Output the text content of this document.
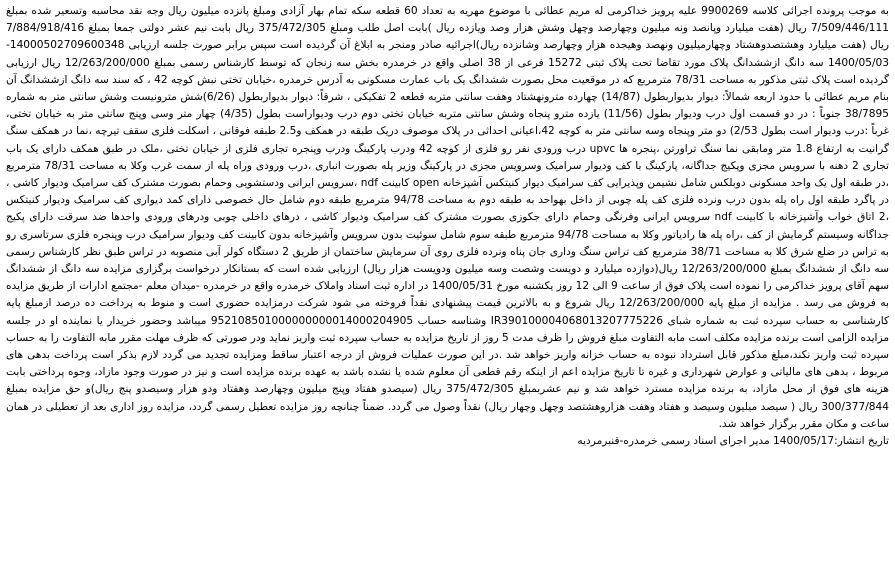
به موجب پرونده اجرائی کلاسه 9900269 علیه پرویز خداکرمی له مریم عطائی با موضوع مهریه به تعداد 60 قطعه سکه تمام بهار آزادی ومبلغ پانزده میلیون ریال وجه نقد محاسبه وتسعیر شده بمبلغ 7/509/446/111 ریال (هفت میلیارد وپانصد ونه میلیون وچهارصد وچهل وشش هزار وصد ویازده ریال )بابت اصل طلب ومبلغ 375/472/305 ریال بابت نیم عشر دولتی جمعا بمبلغ 7/884/918/416 ریال (هفت میلیارد وهشتصدوهشتاد وچهارمیلیون ونهصد وهیجده هزار وچهارصد وشانزده ریال)اجرائیه صادر ومنجر به ابلاغ آن گردیده است سپس برابر صورت جلسه ارزیابی 14000502709600348-1400/05/03 سه دانگ ازششدانگ پلاک مورد تقاضا تحت پلاک ثبتی 15272 فرعی از 38 اصلی واقع در خرمدره بخش سه زنجان که توسط کارشناس رسمی بمبلغ 12/263/200/000 ریال ارزیابی گردیده است پلاک ثبتی مذکور به مساحت 78/31 مترمربع که در موقعیت محل بصورت ششدانگ یک باب عمارت مسکونی به آدرس خرمدره ،خیابان تختی نبش کوچه 42 ، که سند سه دانگ ازششدانگ آن بنام مریم عطائی با حدود اربعه شمالاً: دیوار بدیواربطول (14/87) چهارده مترونهشتاد وهفت سانتی متربه قطعه 2 تفکیکی ، شرقاً: دیوار بدیواربطول (6/26)شش مترونیست وشش سانتی متر به شماره 38/7895 جنوباً : در دو قسمت اول درب ودیوار بطول (11/56) یازده مترو پنجاه وشش سانتی متربه خیابان تختی دوم درب ودیواراست بطول (4/35) چهار متر وسی وپنج سانتی متر به خیابان تختی، غرباً :درب ودیوار است بطول 2/53) دو متر وپنجاه وسه سانتی متر به کوچه 42،اعیانی احداثی در پلاک موصوف دریک طبقه در همکف و2.5 طبقه فوقانی ، اسکلت فلزی سقف تیرچه ،نما در همکف سنگ گرانیت به ارتفاع 1.8 متر ومابقی نما سنگ تراورتن ،پنجره ها upvc درب ورودی نفر رو فلزی از کوچه 42 ودرب پارکینگ ودرب وپنجره تجاری فلزی از خیابان تختی ،ملک در طبق همکف دارای یک باب تجاری 2 دهنه با سرویس مجزی وپکیج جداگانه، پارکینگ با کف ودیوار سرامیک وسرویس مجزی در پارکینگ وزیر پله بصورت انباری ،درب ورودی وراه پله از سمت غرب وکلا به مساحت 78/31 مترمربع ،در طبقه اول یک واحد مسکونی دوبلکس شامل نشیمن وپذیرایی کف سرامیک دیوار کنیتکس آشپزخانه open کابینت ndf ،سرویس ایرانی ودستشویی وحمام بصورت مشترک کف سرامیک ودیوار کاشی ، در پاگرد طبقه اول راه پله بدون درب ونرده فلزی کف پله چوبی از داخل بهواحد به طبقه دوم به مساحت 94/78 مترمربع طبقه دوم شامل حال خصوصی دارای کمد دیواری کف سرامیک ودیوار کنیتکس ،2 اتاق خواب وآشپزخانه با کابینت ndf سرویس ایرانی وفرنگی وحمام دارای جکوزی بصورت مشترک کف سرامیک ودیوار کاشی ، درهای داخلی چوبی ودرهای ورودی واحدها ضد سرقت دارای پکیج جداگانه وسیستم گرمایش از کف ،راه پله ها رادیاتور وکلا به مساحت 94/78 مترمربع طبقه سوم شامل سوئیت بدون سرویس وآشپزخانه بدون کابینت کف ودیوار سرامیک درب وپنجره فلزی سرتاسری رو به تراس در ضلع شرق کلا به مساحت 38/71 مترمربع کف تراس سنگ وداری جان پناه ونرده فلزی روی آن سرمایش ساختمان از طریق 2 دستگاه کولر آبی منصوبه در تراس طبق نظر کارشناس رسمی سه دانگ از ششدانگ بمبلغ 12/263/200/000 ریال(دوازده میلیارد و دویست وشصت وسه میلیون ودویست هزار ریال) ارزیابی شده است که بستانکار درخواست برگزاری مزایده سه دانگ از ششدانگ سهم آقای پرویز خداکرمی را نموده است پلاک فوق از ساعت 9 الی 12 روز یکشنبه مورخ 1400/05/31 در اداره ثبت اسناد واملاک خرمدره واقع در خرمدره -میدان معلم -مجتمع ادارات از طریق مزایده به فروش می رسد . مزایده از مبلغ پایه 12/263/200/000 ریال شروع و به بالاترین قیمت پیشنهادی نقداً فروخته می شود شرکت درمزایده حضوری است و منوط به پرداخت ده درصد ازمبلغ پایه کارشناسی به حساب سپرده ثبت به شماره شبای IR390100004068013207775226 وشناسه حساب 952108501000000000014000204905 میباشد وحضور خریدار یا نماینده او در جلسه مزایده الزامی است برنده مزایده مکلف است مابه التفاوت مبلغ فروش را ظرف مدت 5 روز از تاریخ مزایده به حساب سپرده ثبت واریز نماید ودر صورتی که ظرف مهلت مقرر مابه التفاوت را به حساب سپرده ثبت واریز نکند،مبلغ مذکور قابل استرداد نبوده به حساب خزانه واریز خواهد شد .در این صورت عملیات فروش از درجه اعتبار ساقط ومزایده تجدید می گردد لازم بذکر است پرداخت بدهی های مربوط ، بدهی های مالیاتی و عوارض شهرداری و غیره تا تاریخ مزایده اعم از اینکه رقم قطعی آن معلوم شده یا نشده باشد به عهده برنده مزایده است و نیز در صورت وجود مازاد، وجوه پرداختی بابت هزینه های فوق از محل مازاد، به برنده مزایده مسترد خواهد شد و نیم عشربمبلغ 375/472/305 ریال (سیصدو هفتاد وپنج میلیون وچهارصد وهفتاد ودو هزار وسیصدو پنج ریال)و حق مزایده بمبلغ 300/377/844 ریال ( سیصد میلیون وسیصد و هفتاد وهفت هزاروهشتصد وچهل وچهار ریال) نقداً وصول می گردد. ضمناً چنانچه روز مزایده تعطیل رسمی گردد، مزایده روز اداری بعد از تعطیلی در همان ساعت و مکان مقرر برگزار خواهد شد.

تاریخ انتشار:1400/05/17 مدیر اجرای اسناد رسمی خرمدره-قنبرمردیه
